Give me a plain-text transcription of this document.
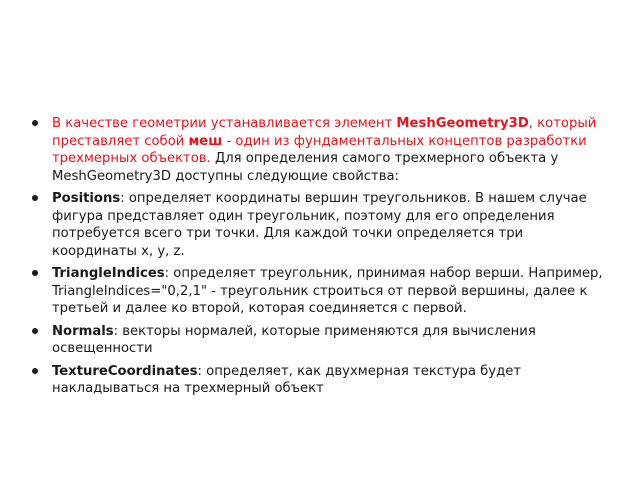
В качестве геометрии устанавливается элемент MeshGeometry3D, который преставляет собой меш - один из фундаментальных концептов разработки трехмерных объектов. Для определения самого трехмерного объекта у MeshGeometry3D доступны следующие свойства:
Positions: определяет координаты вершин треугольников. В нашем случае фигура представляет один треугольник, поэтому для его определения потребуется всего три точки. Для каждой точки определяется три координаты x, y, z.
TriangleIndices: определяет треугольник, принимая набор верши. Например, TriangleIndices="0,2,1" - треугольник строиться от первой вершины, далее к третьей и далее ко второй, которая соединяется с первой.
Normals: векторы нормалей, которые применяются для вычисления освещенности
TextureCoordinates: определяет, как двухмерная текстура будет накладываться на трехмерный объект
